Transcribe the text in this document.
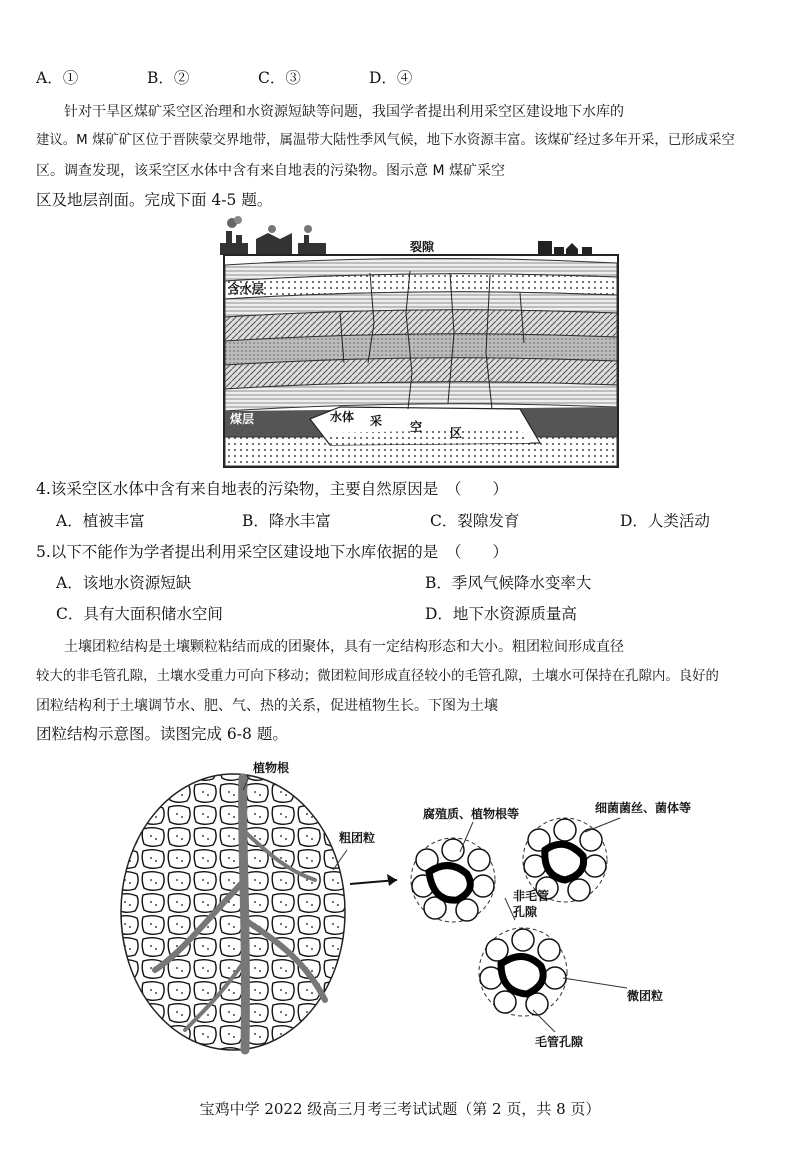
A．①	B．②	C．③	D．④
针对干旱区煤矿采空区治理和水资源短缺等问题，我国学者提出利用采空区建设地下水库的
建议。M 煤矿矿区位于晋陕蒙交界地带，属温带大陆性季风气候，地下水资源丰富。该煤矿经过多年开采，已形成采空
区。调查发现，该采空区水体中含有来自地表的污染物。图示意 M 煤矿采空
区及地层剖面。完成下面 4-5 题。
裂隙
含水层
煤层	水体 采 空 区
4.该采空区水体中含有来自地表的污染物，主要自然原因是　（　　）
A．植被丰富	B．降水丰富	C．裂隙发育	D．人类活动
5.以下不能作为学者提出利用采空区建设地下水库依据的是　（　　）
A．该地水资源短缺	B．季风气候降水变率大
C．具有大面积储水空间	D．地下水资源质量高
土壤团粒结构是土壤颗粒粘结而成的团聚体，具有一定结构形态和大小。粗团粒间形成直径
较大的非毛管孔隙，土壤水受重力可向下移动；微团粒间形成直径较小的毛管孔隙，土壤水可保持在孔隙内。良好的
团粒结构利于土壤调节水、肥、气、热的关系，促进植物生长。下图为土壤
团粒结构示意图。读图完成 6-8 题。
植物根
粗团粒
腐殖质、植物根等	细菌菌丝、菌体等
非毛管
孔隙
微团粒
毛管孔隙
宝鸡中学 2022 级高三月考三考试试题（第 2 页，共 8 页）
